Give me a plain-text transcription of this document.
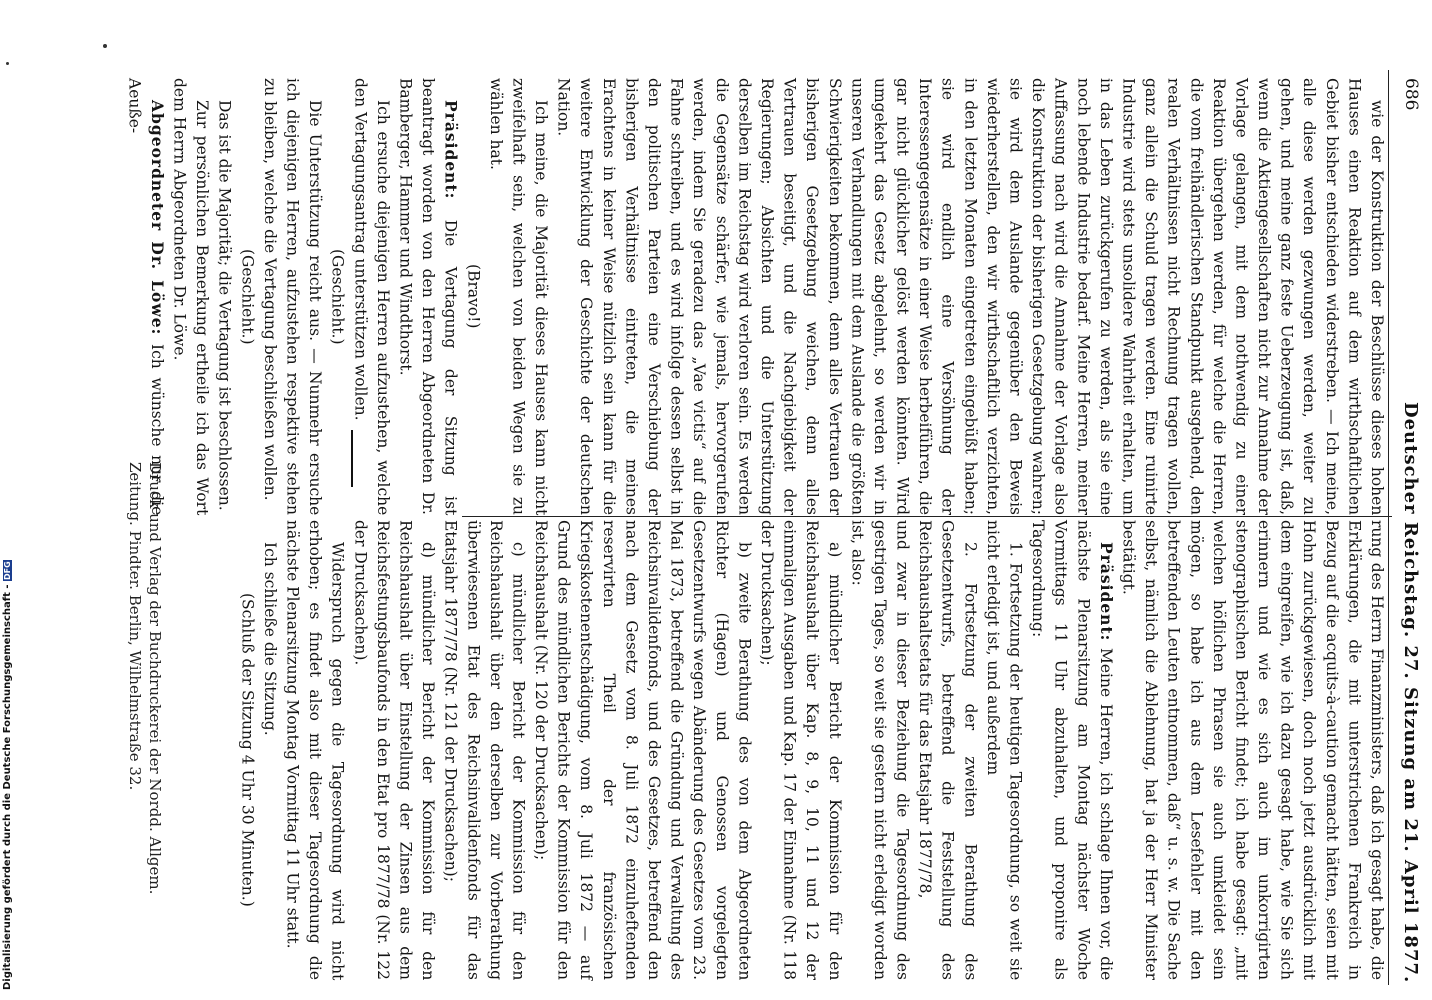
686
Deutscher Reichstag. 27. Sitzung am 21. April 1877.

wie der Konstruktion der Beschlüsse dieses hohen Hauses einen Reaktion auf dem wirthschaftlichen Gebiet bisher entschieden widerstreben. — Ich meine, alle diese werden gezwungen werden, weiter zu gehen, und meine ganz feste Ueberzeugung ist, daß, wenn die Aktiengesellschaften nicht zur Annahme der Vorlage gelangen, mit dem nothwendig zu einer Reaktion übergehen werden, für welche die Herren, die vom freihändlerischen Standpunkt ausgehend, den realen Verhältnissen nicht Rechnung tragen wollen, ganz allein die Schuld tragen werden. Eine ruinirte Industrie wird stets unsolidere Wahrheit erhalten, um in das Leben zurückgerufen zu werden, als sie eine noch lebende Industrie bedarf. Meine Herren, meiner Auffassung nach wird die Annahme der Vorlage also die Konstruktion der bisherigen Gesetzgebung wahren; sie wird dem Auslande gegenüber den Beweis wiederherstellen, den wir wirthschaftlich verzichten, in den letzten Monaten eingetreten eingebüßt haben; sie wird endlich eine Versöhnung der Interessengegensätze in einer Weise herbeiführen, die gar nicht glücklicher gelöst werden könnten. Wird umgekehrt das Gesetz abgelehnt, so werden wir in unseren Verhandlungen mit dem Auslande die größten Schwierigkeiten bekommen, denn alles Vertrauen der bisherigen Gesetzgebung weichen, denn alles Vertrauen beseitigt, und die Nachgiebigkeit der Regierungen; Absichten und die Unterstützung derselben im Reichstag wird verloren sein. Es werden die Gegensätze schärfer, wie jemals, hervorgerufen werden, indem Sie geradezu das „Vae victis“ auf die Fahne schreiben, und es wird infolge dessen selbst in den politischen Parteien eine Verschiebung der bisherigen Verhältnisse eintreten, die meines Erachtens in keiner Weise nützlich sein kann für die weitere Entwicklung der Geschichte der deutschen Nation.

Ich meine, die Majorität dieses Hauses kann nicht zweifelhaft sein, welchen von beiden Wegen sie zu wählen hat.

(Bravo!)

Präsident: Die Vertagung der Sitzung ist beantragt worden von den Herren Abgeordneten Dr. Bamberger, Hammer und Windthorst.

Ich ersuche diejenigen Herren aufzustehen, welche den Vertagungsantrag unterstützen wollen.

(Geschieht.)

Die Unterstützung reicht aus. — Nunmehr ersuche ich diejenigen Herren, aufzustehen respektive stehen zu bleiben, welche die Vertagung beschließen wollen.

(Geschieht.)

Das ist die Majorität; die Vertagung ist beschlossen.

Zur persönlichen Bemerkung ertheile ich das Wort dem Herrn Abgeordneten Dr. Löwe.

Abgeordneter Dr. Löwe: Ich wünsche nur die Aeuße-

rung des Herrn Finanzministers, daß ich gesagt habe, die Erklärungen, die mit unterstrichenen Frankreich in Bezug auf die acquits-à-caution gemacht hätten, seien mit Hohn zurückgewiesen, doch noch jetzt ausdrücklich mit dem eingreifen, wie ich dazu gesagt habe, wie Sie sich erinnern und wie es sich auch im unkorrigirten stenographischen Bericht findet; ich habe gesagt: „mit welchen höflichen Phrasen sie auch umkleidet sein mögen, so habe ich aus dem Lesefehler mit den betreffenden Leuten entnommen, daß“ u. s. w. Die Sache selbst, nämlich die Ablehnung, hat ja der Herr Minister bestätigt.

Präsident: Meine Herren, ich schlage Ihnen vor, die nächste Plenarsitzung am Montag nächster Woche Vormittags 11 Uhr abzuhalten, und proponire als Tagesordnung:

1. Fortsetzung der heutigen Tagesordnung, so weit sie nicht erledigt ist, und außerdem

2. Fortsetzung der zweiten Berathung des Gesetzentwurfs, betreffend die Feststellung des Reichshaushaltsetats für das Etatsjahr 1877/78,

und zwar in dieser Beziehung die Tagesordnung des gestrigen Tages, so weit sie gestern nicht erledigt worden ist, also:

a) mündlicher Bericht der Kommission für den Reichshaushalt über Kap. 8, 9, 10, 11 und 12 der einmaligen Ausgaben und Kap. 17 der Einnahme (Nr. 118 der Drucksachen);

b) zweite Berathung des von dem Abgeordneten Richter (Hagen) und Genossen vorgelegten Gesetzentwurfs wegen Abänderung des Gesetzes vom 23. Mai 1873, betreffend die Gründung und Verwaltung des Reichsinvalidenfonds, und des Gesetzes, betreffend den nach dem Gesetz vom 8. Juli 1872 einzuheftenden reservirten Theil der französischen Kriegskostenentschädigung, vom 8. Juli 1872 — auf Grund des mündlichen Berichts der Kommission für den Reichshaushalt (Nr. 120 der Drucksachen);

c) mündlicher Bericht der Kommission für den Reichshaushalt über den derselben zur Vorberathung überwiesenen Etat des Reichsinvalidenfonds für das Etatsjahr 1877/78 (Nr. 121 der Drucksachen);

d) mündlicher Bericht der Kommission für den Reichshaushalt über Einstellung der Zinsen aus dem Reichsfestungsbaufonds in den Etat pro 1877/78 (Nr. 122 der Drucksachen).

Widerspruch gegen die Tagesordnung wird nicht erhoben; es findet also mit dieser Tagesordnung die nächste Plenarsitzung Montag Vormittag 11 Uhr statt.

Ich schließe die Sitzung.

(Schluß der Sitzung 4 Uhr 30 Minuten.)

Druck und Verlag der Buchdruckerei der Nordd. Allgem. Zeitung. Pindter. Berlin, Wilhelmstraße 32.
Digitalisierung gefördert durch die Deutsche Forschungsgemeinschaft - DFG
